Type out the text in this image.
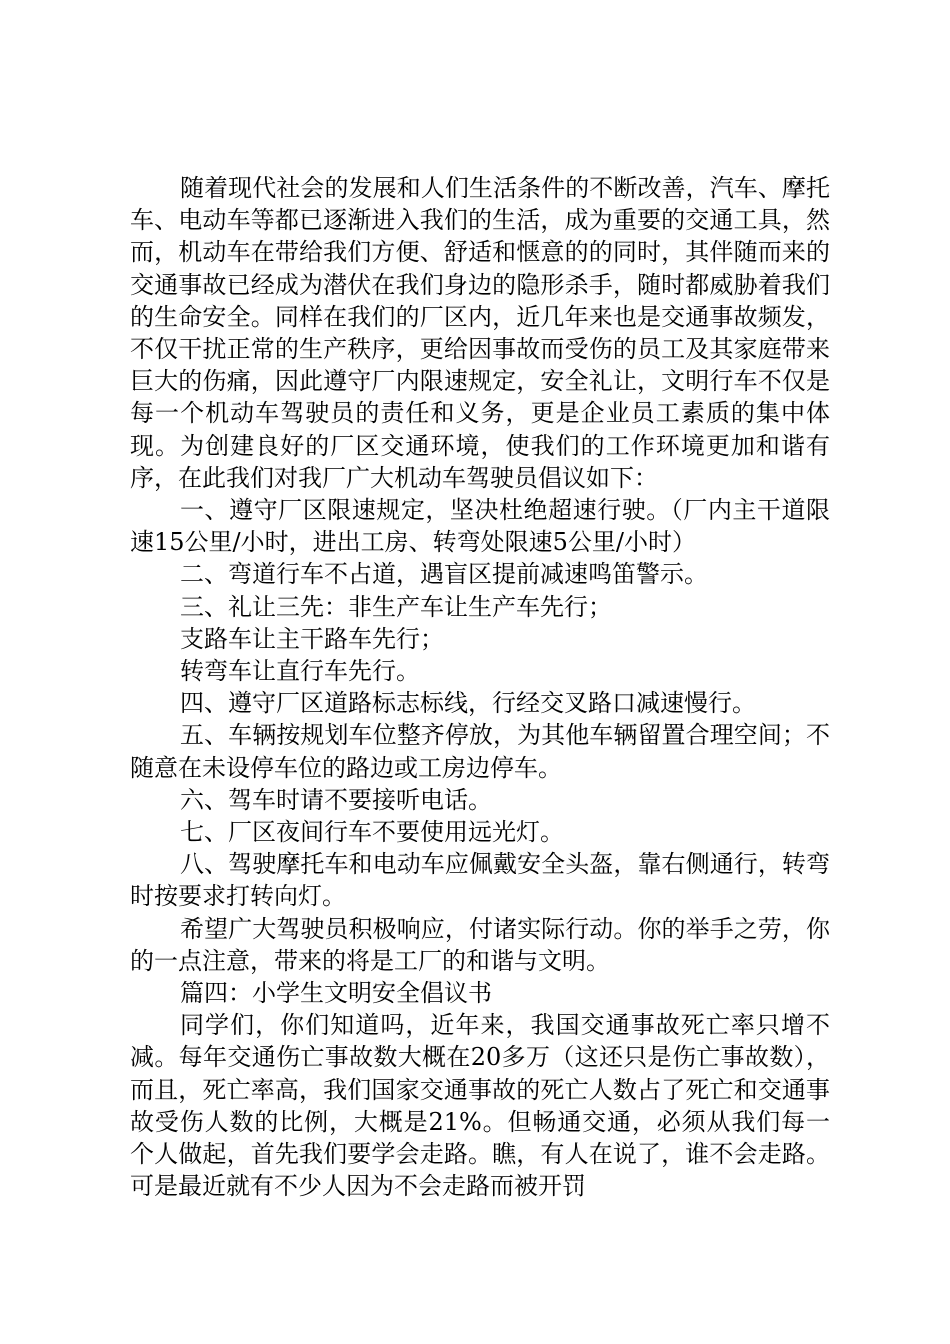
随着现代社会的发展和人们生活条件的不断改善，汽车、摩托车、电动车等都已逐渐进入我们的生活，成为重要的交通工具，然而，机动车在带给我们方便、舒适和惬意的的同时，其伴随而来的交通事故已经成为潜伏在我们身边的隐形杀手，随时都威胁着我们的生命安全。同样在我们的厂区内，近几年来也是交通事故频发，不仅干扰正常的生产秩序，更给因事故而受伤的员工及其家庭带来巨大的伤痛，因此遵守厂内限速规定，安全礼让，文明行车不仅是每一个机动车驾驶员的责任和义务，更是企业员工素质的集中体现。为创建良好的厂区交通环境，使我们的工作环境更加和谐有序，在此我们对我厂广大机动车驾驶员倡议如下：

一、遵守厂区限速规定，坚决杜绝超速行驶。（厂内主干道限速15公里/小时，进出工房、转弯处限速5公里/小时）

二、弯道行车不占道，遇盲区提前减速鸣笛警示。

三、礼让三先：非生产车让生产车先行；

支路车让主干路车先行；

转弯车让直行车先行。

四、遵守厂区道路标志标线，行经交叉路口减速慢行。

五、车辆按规划车位整齐停放，为其他车辆留置合理空间；不随意在未设停车位的路边或工房边停车。

六、驾车时请不要接听电话。

七、厂区夜间行车不要使用远光灯。

八、驾驶摩托车和电动车应佩戴安全头盔，靠右侧通行，转弯时按要求打转向灯。

希望广大驾驶员积极响应，付诸实际行动。你的举手之劳，你的一点注意，带来的将是工厂的和谐与文明。

篇四：小学生文明安全倡议书

同学们，你们知道吗，近年来，我国交通事故死亡率只增不减。每年交通伤亡事故数大概在20多万（这还只是伤亡事故数），而且，死亡率高，我们国家交通事故的死亡人数占了死亡和交通事故受伤人数的比例，大概是21%。但畅通交通，必须从我们每一个人做起，首先我们要学会走路。瞧，有人在说了，谁不会走路。可是最近就有不少人因为不会走路而被开罚
